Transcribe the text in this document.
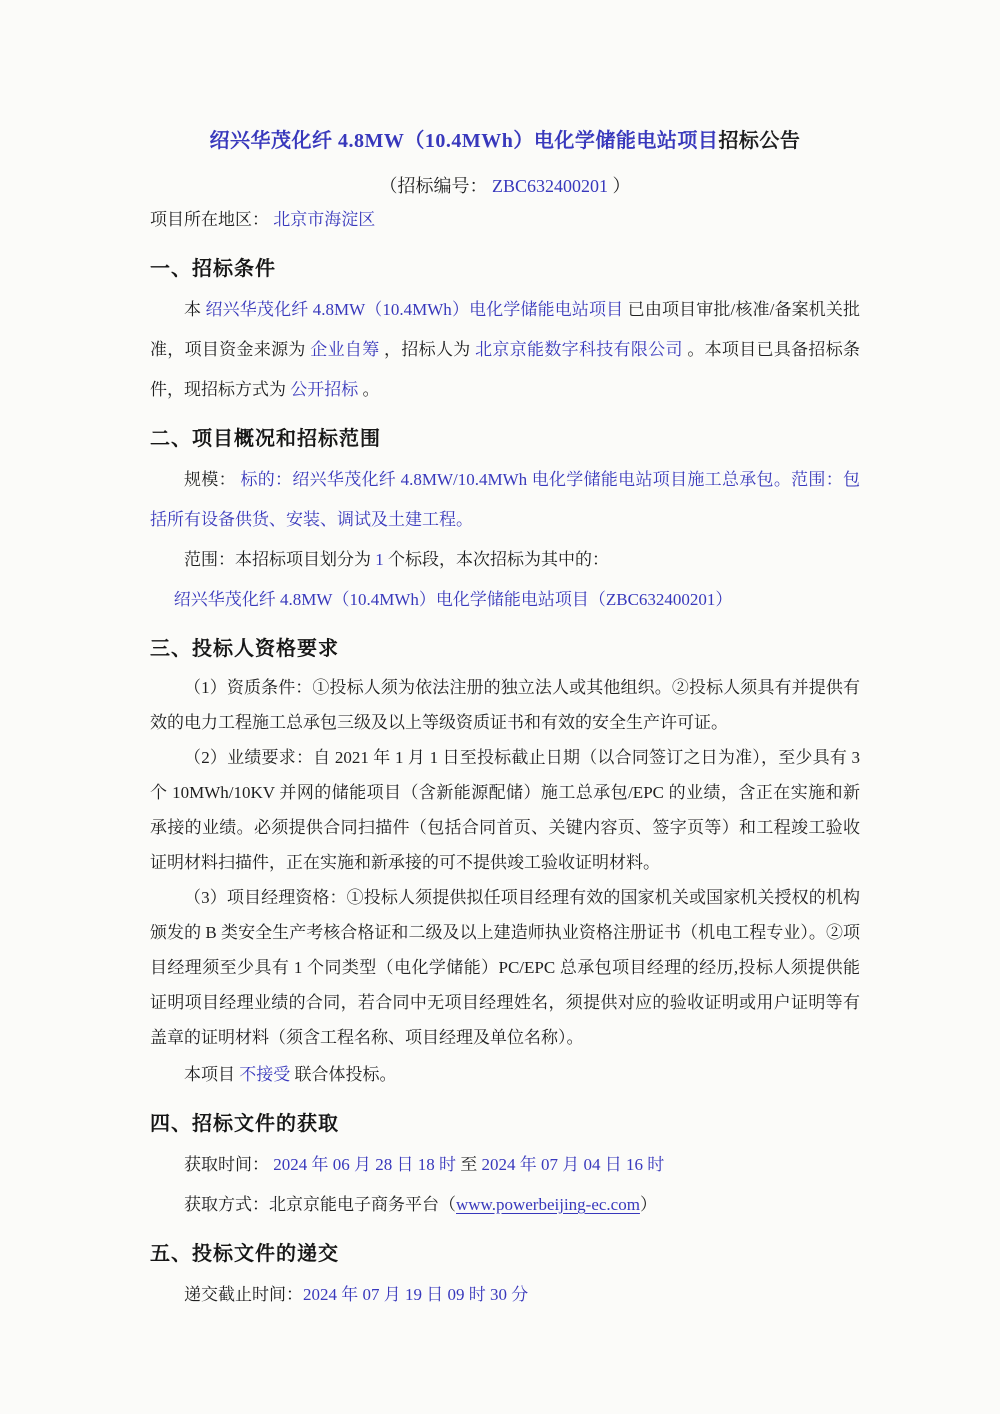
绍兴华茂化纤 4.8MW（10.4MWh）电化学储能电站项目招标公告
（招标编号： ZBC632400201 ）

项目所在地区： 北京市海淀区

一、招标条件

本 绍兴华茂化纤 4.8MW（10.4MWh）电化学储能电站项目 已由项目审批/核准/备案机关批准，项目资金来源为 企业自筹 ，招标人为 北京京能数字科技有限公司 。本项目已具备招标条件，现招标方式为 公开招标 。

二、项目概况和招标范围

规模： 标的：绍兴华茂化纤 4.8MW/10.4MWh 电化学储能电站项目施工总承包。范围：包括所有设备供货、安装、调试及土建工程。

范围：本招标项目划分为 1 个标段，本次招标为其中的：

绍兴华茂化纤 4.8MW（10.4MWh）电化学储能电站项目（ZBC632400201）

三、投标人资格要求

（1）资质条件：①投标人须为依法注册的独立法人或其他组织。②投标人须具有并提供有效的电力工程施工总承包三级及以上等级资质证书和有效的安全生产许可证。

（2）业绩要求：自 2021 年 1 月 1 日至投标截止日期（以合同签订之日为准），至少具有 3 个 10MWh/10KV 并网的储能项目（含新能源配储）施工总承包/EPC 的业绩，含正在实施和新承接的业绩。必须提供合同扫描件（包括合同首页、关键内容页、签字页等）和工程竣工验收证明材料扫描件，正在实施和新承接的可不提供竣工验收证明材料。

（3）项目经理资格：①投标人须提供拟任项目经理有效的国家机关或国家机关授权的机构颁发的 B 类安全生产考核合格证和二级及以上建造师执业资格注册证书（机电工程专业）。②项目经理须至少具有 1 个同类型（电化学储能）PC/EPC 总承包项目经理的经历,投标人须提供能证明项目经理业绩的合同，若合同中无项目经理姓名，须提供对应的验收证明或用户证明等有盖章的证明材料（须含工程名称、项目经理及单位名称）。

本项目 不接受 联合体投标。

四、招标文件的获取

获取时间： 2024 年 06 月 28 日 18 时 至 2024 年 07 月 04 日 16 时

获取方式：北京京能电子商务平台（www.powerbeijing-ec.com）

五、投标文件的递交

递交截止时间：2024 年 07 月 19 日 09 时 30 分
